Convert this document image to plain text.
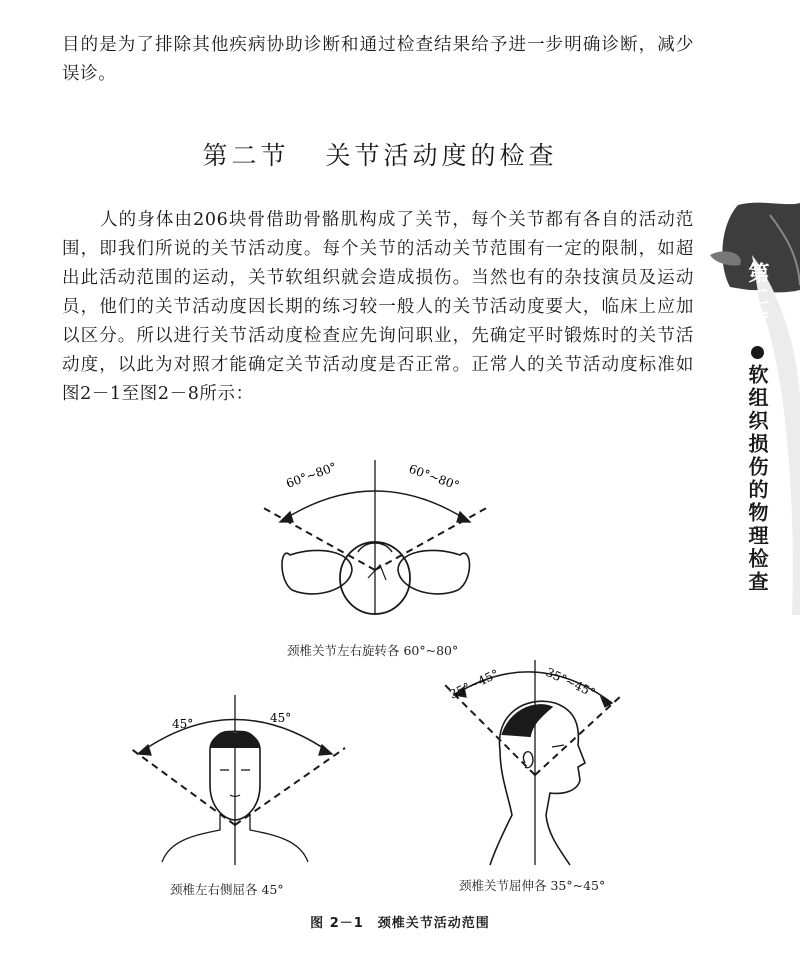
目的是为了排除其他疾病协助诊断和通过检查结果给予进一步明确诊断，减少误诊。

第二节 关节活动度的检查

人的身体由206块骨借助骨骼肌构成了关节，每个关节都有各自的活动范围，即我们所说的关节活动度。每个关节的活动关节范围有一定的限制，如超出此活动范围的运动，关节软组织就会造成损伤。当然也有的杂技演员及运动员，他们的关节活动度因长期的练习较一般人的关节活动度要大，临床上应加以区分。所以进行关节活动度检查应先询问职业，先确定平时锻炼时的关节活动度，以此为对照才能确定关节活动度是否正常。正常人的关节活动度标准如图2－1至图2－8所示：

第二章
软组织损伤的物理检查
60°~80°	60°~80°
颈椎关节左右旋转各 60°~80°
45°	45°
颈椎左右侧屈各 45°
35°~45°	35°~45°
颈椎关节屈伸各 35°~45°
图 2－1 颈椎关节活动范围
